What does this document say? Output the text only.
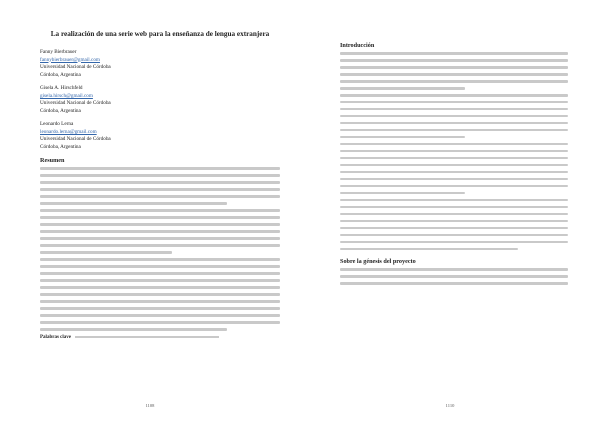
La realización de una serie web para la enseñanza de lengua extranjera
Fanny Bierbrauer
fannybierbrauer@gmail.com
Universidad Nacional de Córdoba
Córdoba, Argentina
Gisela A. Hirschfeld
gisela.hirsch@gmail.com
Universidad Nacional de Córdoba
Córdoba, Argentina
Leonardo Lerna
leonardo.lerna@gmail.com
Universidad Nacional de Córdoba
Córdoba, Argentina
Resumen
Palabras clave
1108
Introducción
Sobre la génesis del proyecto
1110
